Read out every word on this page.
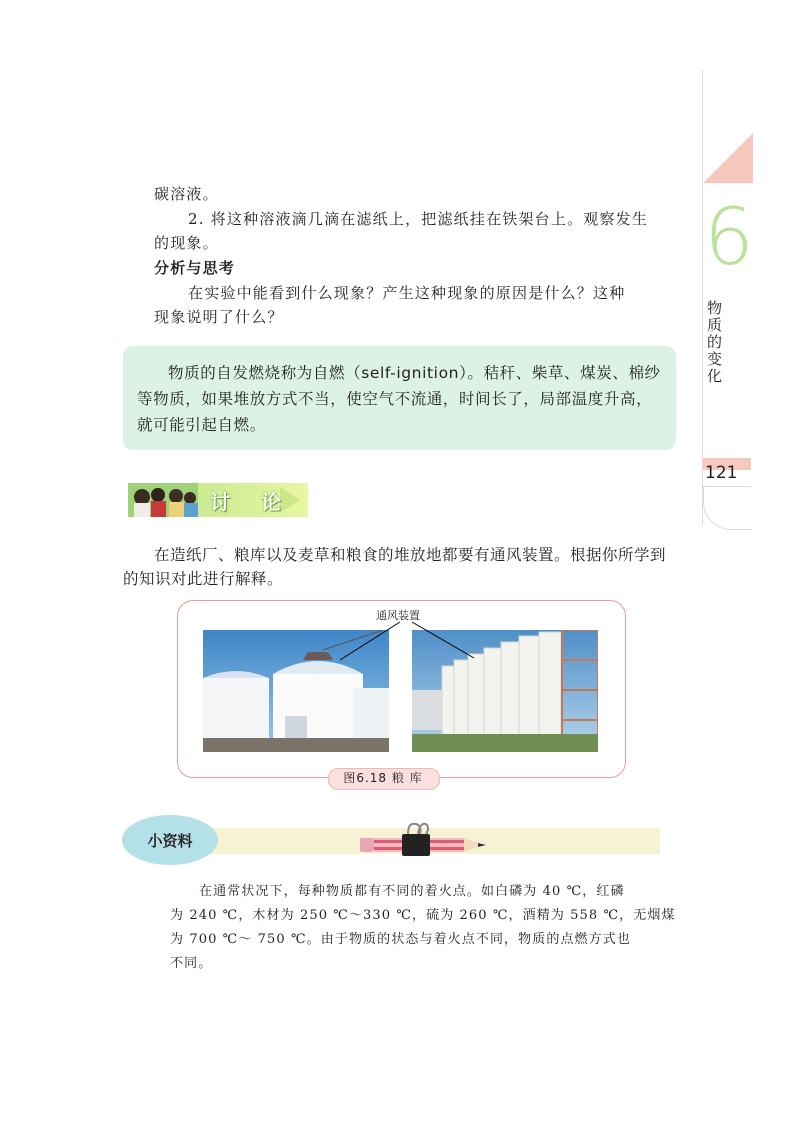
6
物质的变化
121

碳溶液。

2. 将这种溶液滴几滴在滤纸上，把滤纸挂在铁架台上。观察发生

的现象。

分析与思考

在实验中能看到什么现象？产生这种现象的原因是什么？这种

现象说明了什么？

物质的自发燃烧称为自燃（self-ignition）。秸秆、柴草、煤炭、棉纱等物质，如果堆放方式不当，使空气不流通，时间长了，局部温度升高，就可能引起自燃。

讨 论

在造纸厂、粮库以及麦草和粮食的堆放地都要有通风装置。根据你所学到

的知识对此进行解释。

通风装置
图6.18 粮 库
小资料

在通常状况下，每种物质都有不同的着火点。如白磷为 40 ℃，红磷

为 240 ℃，木材为 250 ℃～330 ℃，硫为 260 ℃，酒精为 558 ℃，无烟煤

为 700 ℃～ 750 ℃。由于物质的状态与着火点不同，物质的点燃方式也

不同。
